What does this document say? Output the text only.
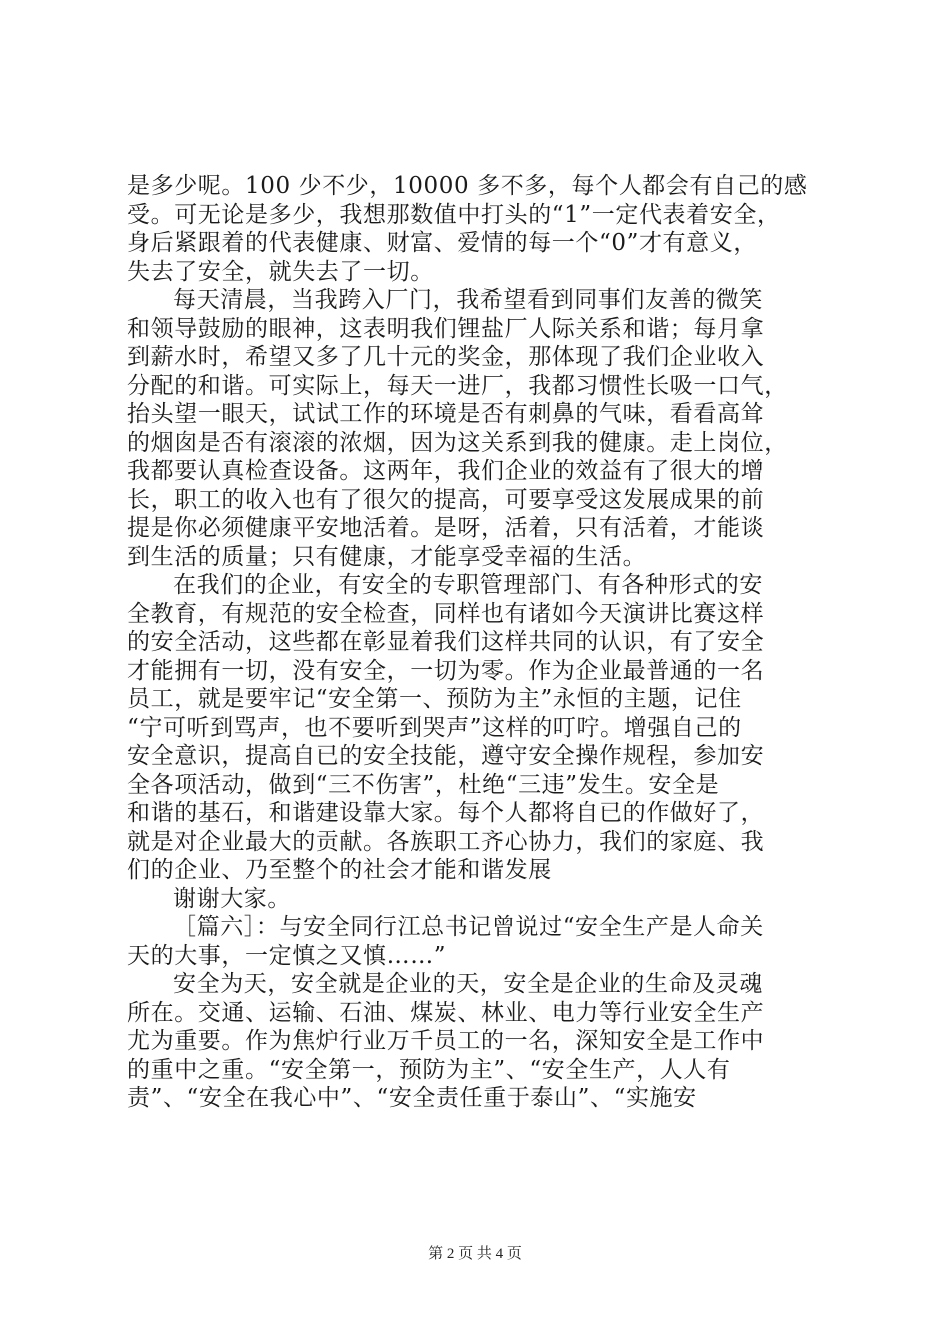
是多少呢。100 少不少，10000 多不多，每个人都会有自己的感
受。可无论是多少，我想那数值中打头的“1”一定代表着安全，
身后紧跟着的代表健康、财富、爱情的每一个“0”才有意义，
失去了安全，就失去了一切。
每天清晨，当我跨入厂门，我希望看到同事们友善的微笑
和领导鼓励的眼神，这表明我们锂盐厂人际关系和谐；每月拿
到薪水时，希望又多了几十元的奖金，那体现了我们企业收入
分配的和谐。可实际上，每天一进厂，我都习惯性长吸一口气，
抬头望一眼天，试试工作的环境是否有刺鼻的气味，看看高耸
的烟囱是否有滚滚的浓烟，因为这关系到我的健康。走上岗位，
我都要认真检查设备。这两年，我们企业的效益有了很大的增
长，职工的收入也有了很欠的提高，可要享受这发展成果的前
提是你必须健康平安地活着。是呀，活着，只有活着，才能谈
到生活的质量；只有健康，才能享受幸福的生活。
在我们的企业，有安全的专职管理部门、有各种形式的安
全教育，有规范的安全检查，同样也有诸如今天演讲比赛这样
的安全活动，这些都在彰显着我们这样共同的认识，有了安全
才能拥有一切，没有安全，一切为零。作为企业最普通的一名
员工，就是要牢记“安全第一、预防为主”永恒的主题，记住
“宁可听到骂声，也不要听到哭声”这样的叮咛。增强自己的
安全意识，提高自已的安全技能，遵守安全操作规程，参加安
全各项活动，做到“三不伤害”，杜绝“三违”发生。安全是
和谐的基石，和谐建设靠大家。每个人都将自已的作做好了，
就是对企业最大的贡献。各族职工齐心协力，我们的家庭、我
们的企业、乃至整个的社会才能和谐发展
谢谢大家。
［篇六］：与安全同行江总书记曾说过“安全生产是人命关
天的大事，一定慎之又慎……”
安全为天，安全就是企业的天，安全是企业的生命及灵魂
所在。交通、运输、石油、煤炭、林业、电力等行业安全生产
尤为重要。作为焦炉行业万千员工的一名，深知安全是工作中
的重中之重。“安全第一，预防为主”、“安全生产，人人有
责”、“安全在我心中”、“安全责任重于泰山”、“实施安
第 2 页 共 4 页
